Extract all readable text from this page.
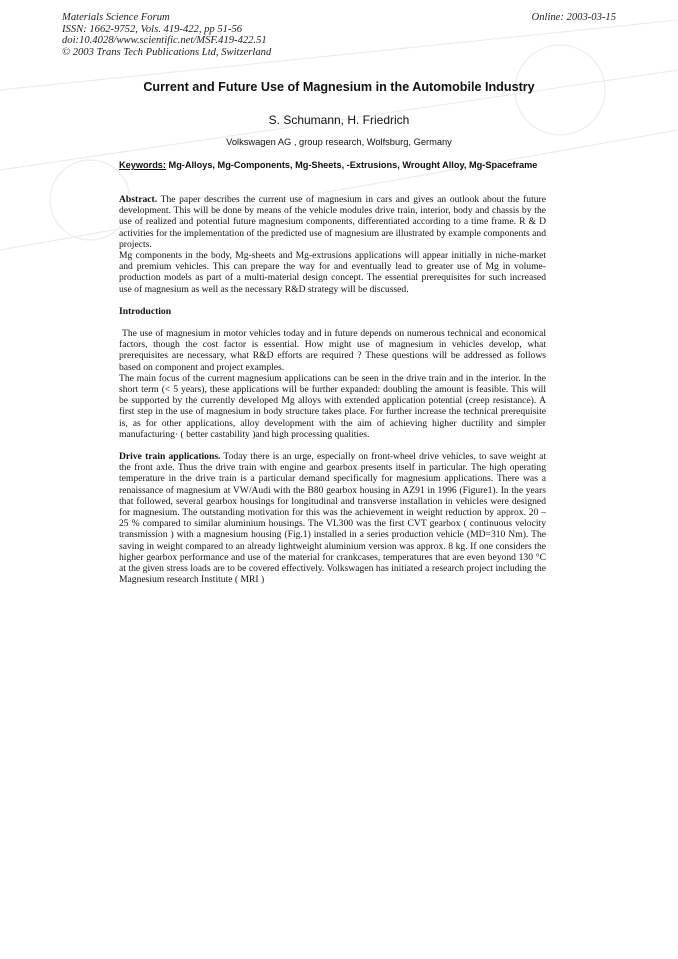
Materials Science Forum
ISSN: 1662-9752, Vols. 419-422, pp 51-56
doi:10.4028/www.scientific.net/MSF.419-422.51
© 2003 Trans Tech Publications Ltd, Switzerland
Online: 2003-03-15
Current and Future Use of Magnesium in the Automobile Industry
S. Schumann, H. Friedrich
Volkswagen AG , group research, Wolfsburg, Germany
Keywords: Mg-Alloys, Mg-Components, Mg-Sheets, -Extrusions, Wrought Alloy, Mg-Spaceframe

Abstract. The paper describes the current use of magnesium in cars and gives an outlook about the future development. This will be done by means of the vehicle modules drive train, interior, body and chassis by the use of realized and potential future magnesium components, differentiated according to a time frame. R & D activities for the implementation of the predicted use of magnesium are illustrated by example components and projects.

Mg components in the body, Mg-sheets and Mg-extrusions applications will appear initially in niche-market and premium vehicles. This can prepare the way for and eventually lead to greater use of Mg in volume-production models as part of a multi-material design concept. The essential prerequisites for such increased use of magnesium as well as the necessary R&D strategy will be discussed.

Introduction

The use of magnesium in motor vehicles today and in future depends on numerous technical and economical factors, though the cost factor is essential. How might use of magnesium in vehicles develop, what prerequisites are necessary, what R&D efforts are required ? These questions will be addressed as follows based on component and project examples.

The main focus of the current magnesium applications can be seen in the drive train and in the interior. In the short term (< 5 years), these applications will be further expanded: doubling the amount is feasible. This will be supported by the currently developed Mg alloys with extended application potential (creep resistance). A first step in the use of magnesium in body structure takes place. For further increase the technical prerequisite is, as for other applications, alloy development with the aim of achieving higher ductility and simpler manufacturing· ( better castability )and high processing qualities.

Drive train applications. Today there is an urge, especially on front-wheel drive vehicles, to save weight at the front axle. Thus the drive train with engine and gearbox presents itself in particular. The high operating temperature in the drive train is a particular demand specifically for magnesium applications. There was a renaissance of magnesium at VW/Audi with the B80 gearbox housing in AZ91 in 1996 (Figure1). In the years that followed, several gearbox housings for longitudinal and transverse installation in vehicles were designed for magnesium. The outstanding motivation for this was the achievement in weight reduction by approx. 20 – 25 % compared to similar aluminium housings. The VL300 was the first CVT gearbox ( continuous velocity transmission ) with a magnesium housing (Fig.1) installed in a series production vehicle (MD=310 Nm). The saving in weight compared to an already lightweight aluminium version was approx. 8 kg. If one considers the higher gearbox performance and use of the material for crankcases, temperatures that are even beyond 130 °C at the given stress loads are to be covered effectively. Volkswagen has initiated a research project including the Magnesium research Institute ( MRI )
